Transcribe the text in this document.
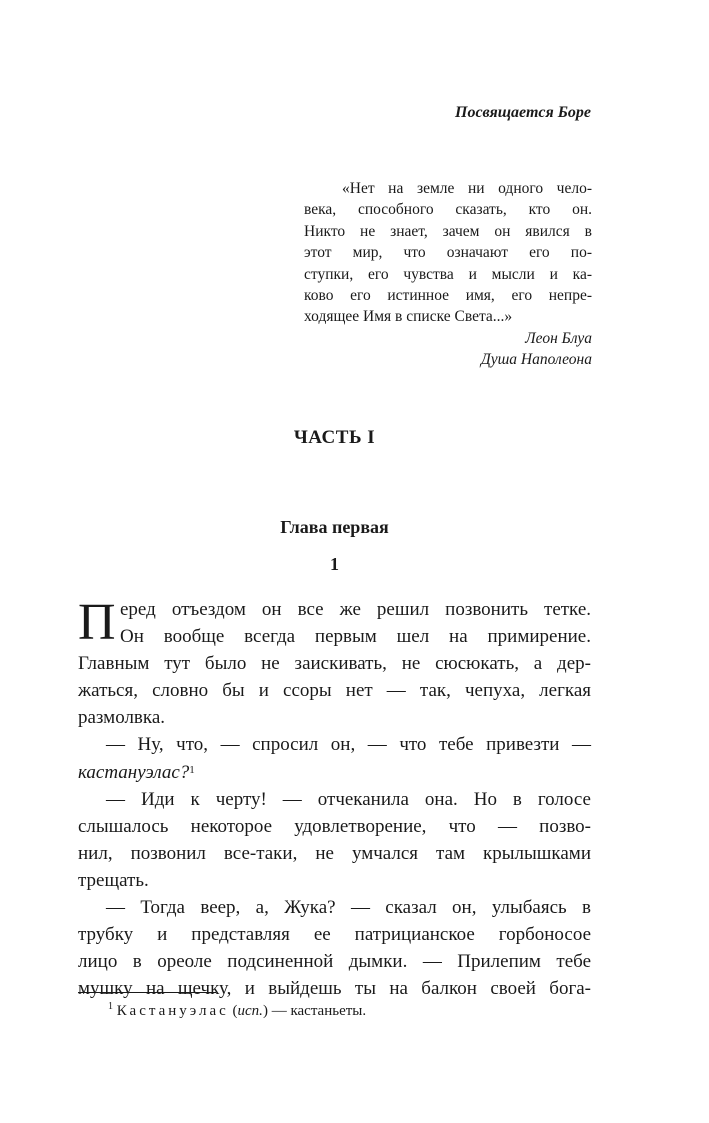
Посвящается Боре
«Нет на земле ни одного чело-
века, способного сказать, кто он.
Никто не знает, зачем он явился в
этот мир, что означают его по-
ступки, его чувства и мысли и ка-
ково его истинное имя, его непре-
ходящее Имя в списке Света...»
Леон Блуа
Душа Наполеона
ЧАСТЬ I
Глава первая
1
П еред отъездом он все же решил позвонить тетке.
Он вообще всегда первым шел на примирение.
Главным тут было не заискивать, не сюсюкать, а дер-
жаться, словно бы и ссоры нет — так, чепуха, легкая
размолвка.
— Ну, что, — спросил он, — что тебе привезти —
кастануэлас?$^1$
— Иди к черту! — отчеканила она. Но в голосе
слышалось некоторое удовлетворение, что — позво-
нил, позвонил все-таки, не умчался там крылышками
трещать.
— Тогда веер, а, Жука? — сказал он, улыбаясь в
трубку и представляя ее патрицианское горбоносое
лицо в ореоле подсиненной дымки. — Прилепим тебе
мушку на щечку, и выйдешь ты на балкон своей бога-
$^1$ Кастануэлас (исп.) — кастаньеты.
